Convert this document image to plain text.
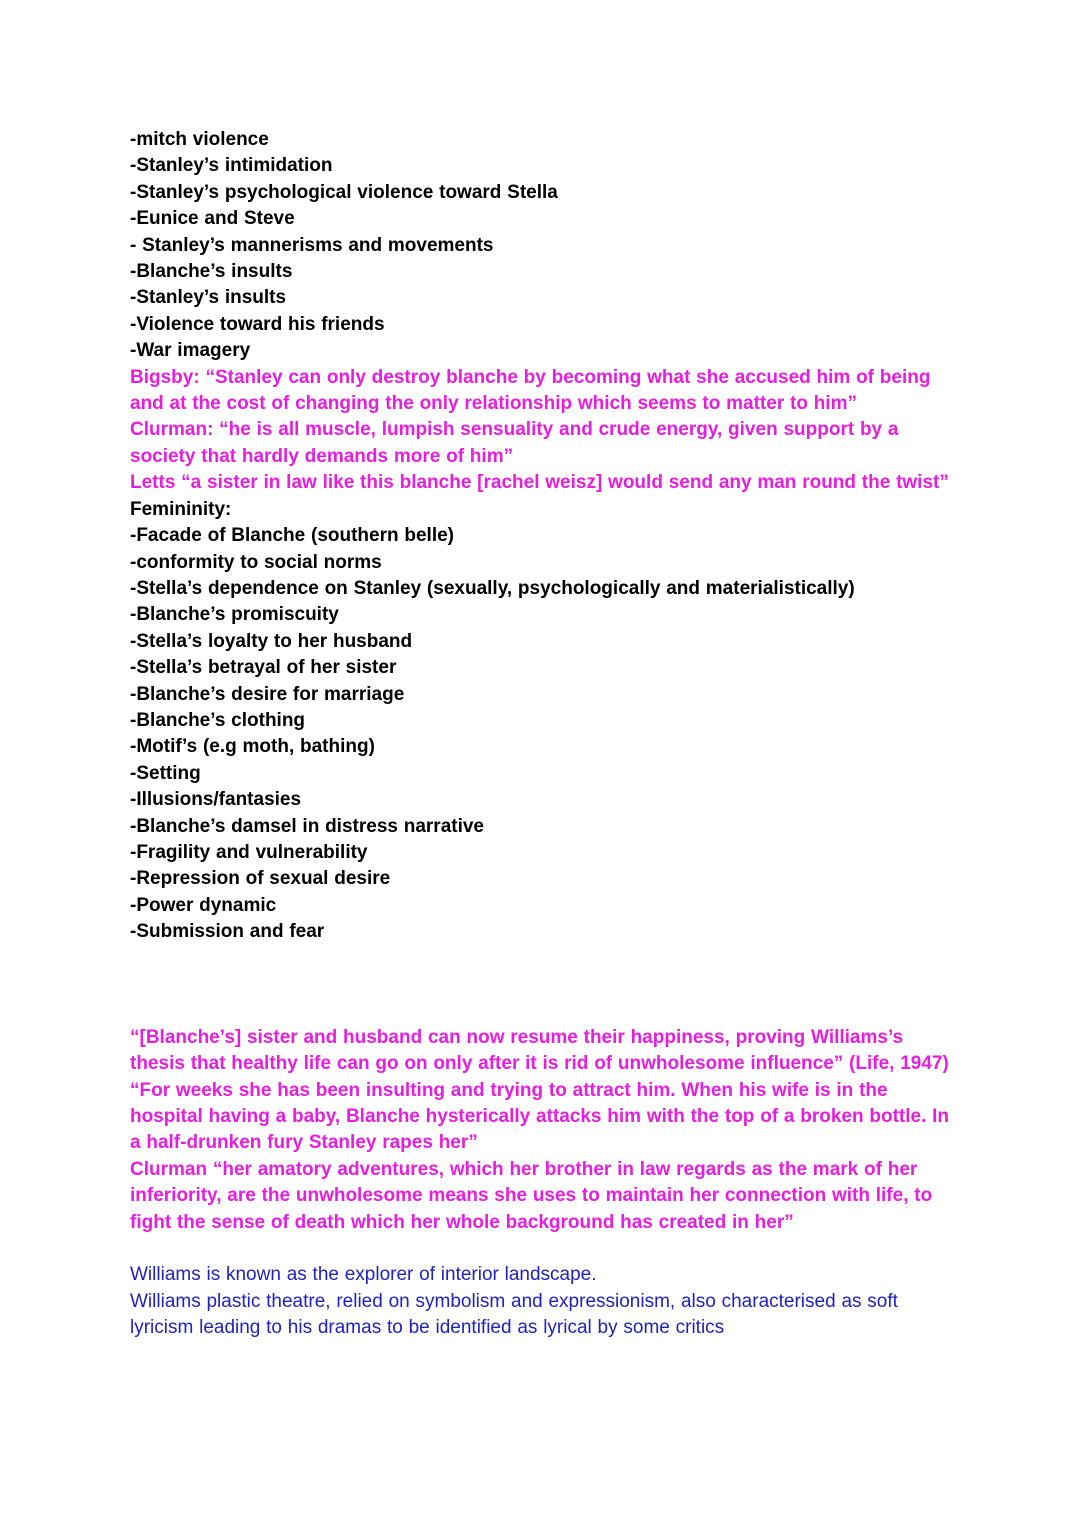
-mitch violence

-Stanley’s intimidation

-Stanley’s psychological violence toward Stella

-Eunice and Steve

- Stanley’s mannerisms and movements

-Blanche’s insults

-Stanley’s insults

-Violence toward his friends

-War imagery

Bigsby: “Stanley can only destroy blanche by becoming what she accused him of being and at the cost of changing the only relationship which seems to matter to him”

Clurman: “he is all muscle, lumpish sensuality and crude energy, given support by a society that hardly demands more of him”

Letts “a sister in law like this blanche [rachel weisz] would send any man round the twist”

Femininity:

-Facade of Blanche (southern belle)

-conformity to social norms

-Stella’s dependence on Stanley (sexually, psychologically and materialistically)

-Blanche’s promiscuity

-Stella’s loyalty to her husband

-Stella’s betrayal of her sister

-Blanche’s desire for marriage

-Blanche’s clothing

-Motif’s (e.g moth, bathing)

-Setting

-Illusions/fantasies

-Blanche’s damsel in distress narrative

-Fragility and vulnerability

-Repression of sexual desire

-Power dynamic

-Submission and fear

“[Blanche’s] sister and husband can now resume their happiness, proving Williams’s thesis that healthy life can go on only after it is rid of unwholesome influence” (Life, 1947)

“For weeks she has been insulting and trying to attract him. When his wife is in the hospital having a baby, Blanche hysterically attacks him with the top of a broken bottle. In a half-drunken fury Stanley rapes her”

Clurman “her amatory adventures, which her brother in law regards as the mark of her inferiority, are the unwholesome means she uses to maintain her connection with life, to fight the sense of death which her whole background has created in her”

Williams is known as the explorer of interior landscape.

Williams plastic theatre, relied on symbolism and expressionism, also characterised as soft lyricism leading to his dramas to be identified as lyrical by some critics
